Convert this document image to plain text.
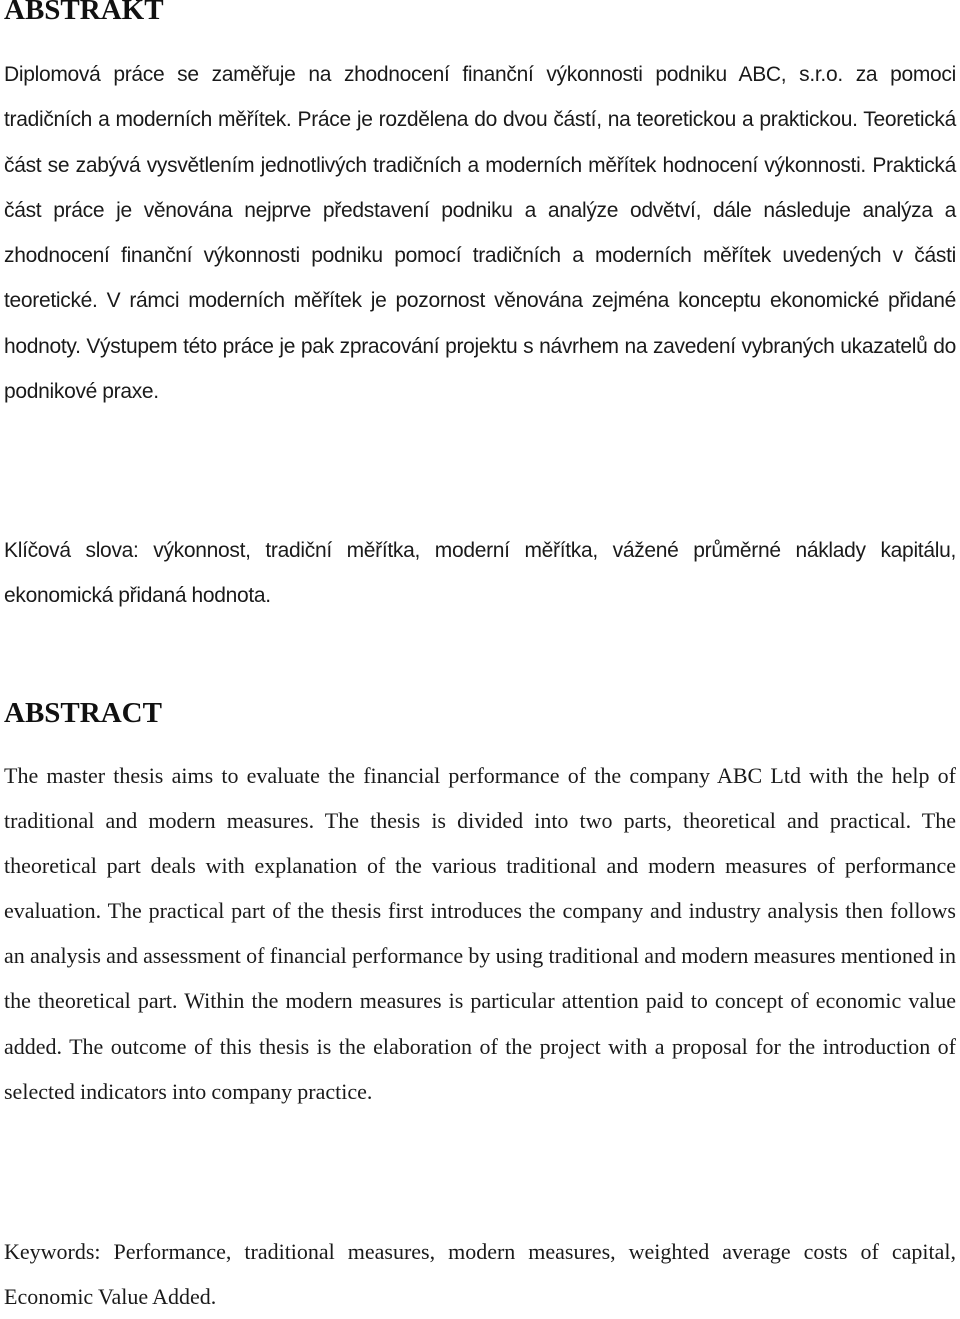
ABSTRAKT

Diplomová práce se zaměřuje na zhodnocení finanční výkonnosti podniku ABC, s.r.o. za pomoci tradičních a moderních měřítek. Práce je rozdělena do dvou částí, na teoretickou a praktickou. Teoretická část se zabývá vysvětlením jednotlivých tradičních a moderních měřítek hodnocení výkonnosti. Praktická část práce je věnována nejprve představení podniku a analýze odvětví, dále následuje analýza a zhodnocení finanční výkonnosti podniku pomocí tradičních a moderních měřítek uvedených v části teoretické. V rámci moderních měřítek je pozornost věnována zejména konceptu ekonomické přidané hodnoty. Výstupem této práce je pak zpracování projektu s návrhem na zavedení vybraných ukazatelů do podnikové praxe.

Klíčová slova: výkonnost, tradiční měřítka, moderní měřítka, vážené průměrné náklady kapitálu, ekonomická přidaná hodnota.

ABSTRACT

The master thesis aims to evaluate the financial performance of the company ABC Ltd with the help of traditional and modern measures. The thesis is divided into two parts, theoretical and practical. The theoretical part deals with explanation of the various traditional and modern measures of performance evaluation. The practical part of the thesis first introduces the company and industry analysis then follows an analysis and assessment of financial performance by using traditional and modern measures mentioned in the theoretical part. Within the modern measures is particular attention paid to concept of economic value added. The outcome of this thesis is the elaboration of the project with a proposal for the introduction of selected indicators into company practice.

Keywords: Performance, traditional measures, modern measures, weighted average costs of capital, Economic Value Added.
